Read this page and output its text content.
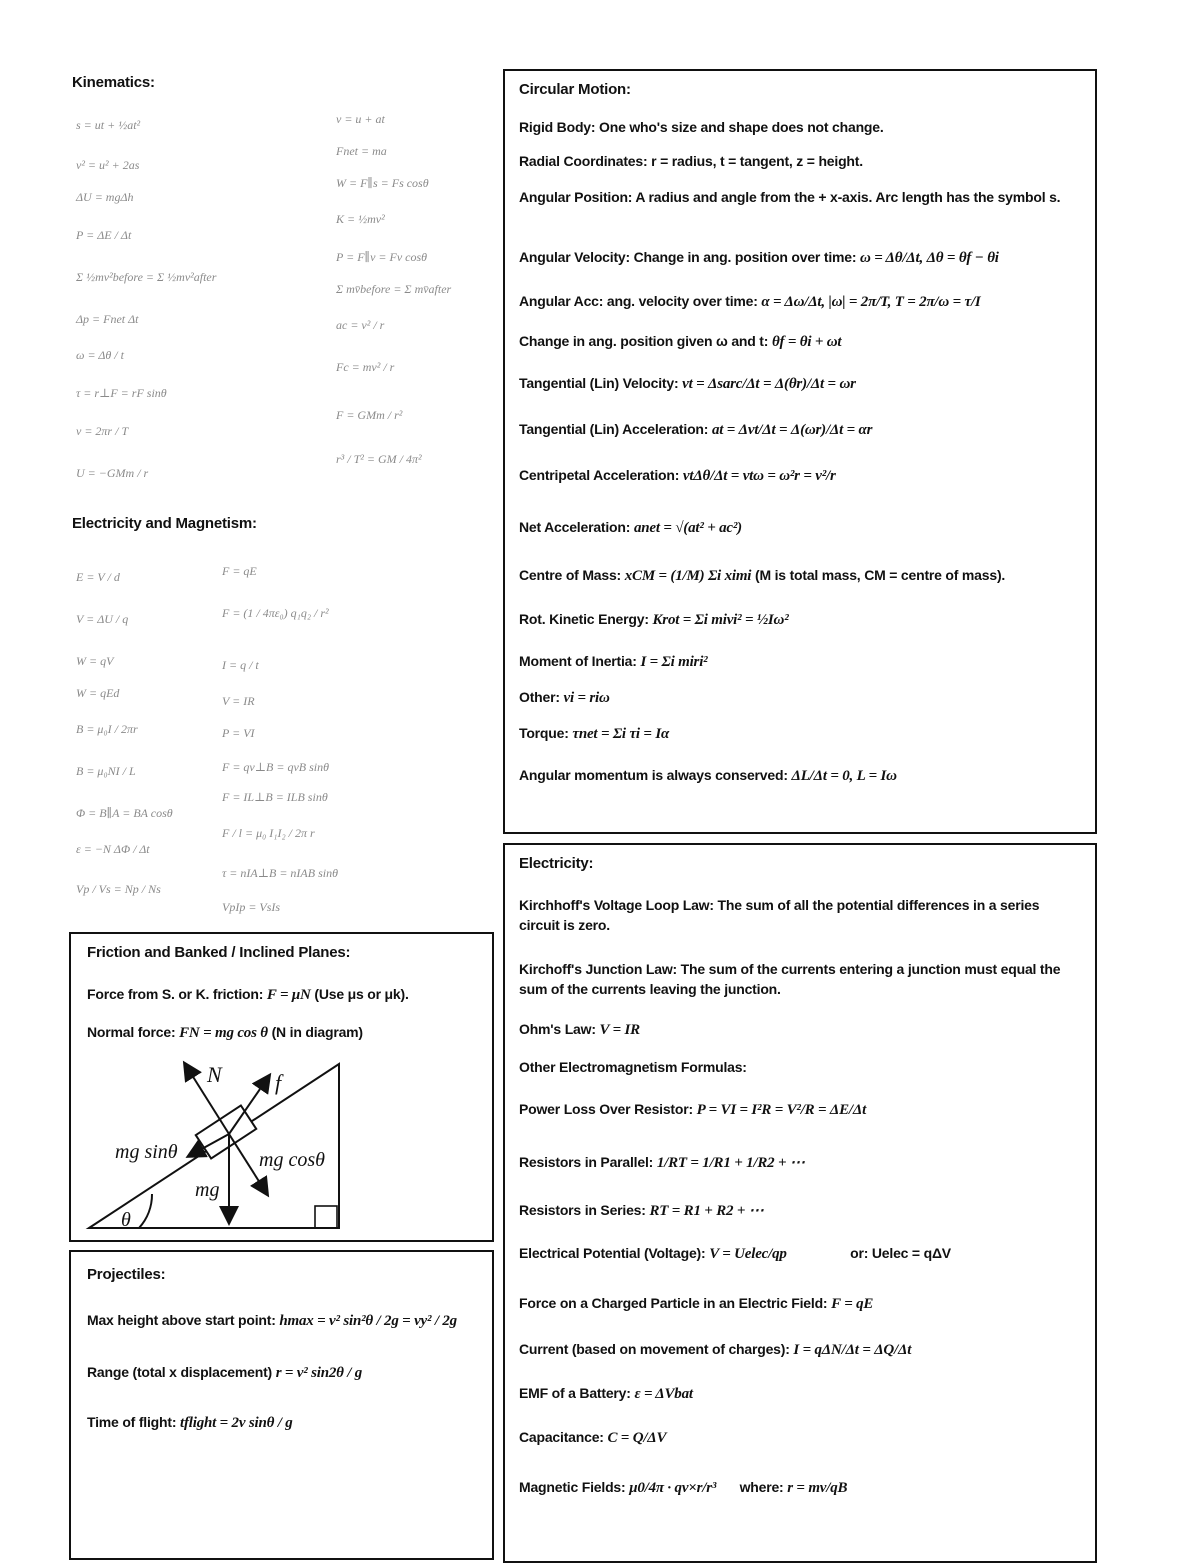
Kinematics:
s = ut + ½at²
v² = u² + 2as
ΔU = mgΔh
P = ΔE / Δt
Σ ½mv²before = Σ ½mv²after
Δp = Fnet Δt
ω = Δθ / t
τ = r⊥F = rF sinθ
v = 2πr / T
U = −GMm / r
v = u + at
Fnet = ma
W = F∥s = Fs cosθ
K = ½mv²
P = F∥v = Fv cosθ
Σ mv̄before = Σ mv̄after
ac = v² / r
Fc = mv² / r
F = GMm / r²
r³ / T² = GM / 4π²
Electricity and Magnetism:
E = V / d
V = ΔU / q
W = qV
W = qEd
B = μ₀I / 2πr
B = μ₀NI / L
Φ = B∥A = BA cosθ
ε = −N ΔΦ / Δt
Vp / Vs = Np / Ns
F = qE
F = (1 / 4πε₀) q₁q₂ / r²
I = q / t
V = IR
P = VI
F = qv⊥B = qvB sinθ
F = IL⊥B = ILB sinθ
F / l = μ₀ I₁I₂ / 2π r
τ = nIA⊥B = nIAB sinθ
VpIp = VsIs
Friction and Banked / Inclined Planes:
Force from S. or K. friction: F = μN (Use μs or μk).
Normal force: FN = mg cos θ (N in diagram)
N f
mg sinθ	mg cosθ
mg
θ
Projectiles:
Max height above start point: hmax = v² sin²θ / 2g = vy² / 2g
Range (total x displacement) r = v² sin2θ / g
Time of flight: tflight = 2v sinθ / g
Circular Motion:
Rigid Body: One who's size and shape does not change.
Radial Coordinates: r = radius, t = tangent, z = height.
Angular Position: A radius and angle from the + x-axis. Arc length has the symbol s.
Angular Velocity: Change in ang. position over time: ω = Δθ/Δt, Δθ = θf − θi
Angular Acc: ang. velocity over time: α = Δω/Δt, |ω| = 2π/T, T = 2π/ω = τ/I
Change in ang. position given ω and t: θf = θi + ωt
Tangential (Lin) Velocity: vt = Δsarc/Δt = Δ(θr)/Δt = ωr
Tangential (Lin) Acceleration: at = Δvt/Δt = Δ(ωr)/Δt = αr
Centripetal Acceleration: vtΔθ/Δt = vtω = ω²r = v²/r
Net Acceleration: anet = √(at² + ac²)
Centre of Mass: xCM = (1/M) Σi ximi (M is total mass, CM = centre of mass).
Rot. Kinetic Energy: Krot = Σi mivi² = ½Iω²
Moment of Inertia: I = Σi miri²
Other: vi = riω
Torque: τnet = Σi τi = Iα
Angular momentum is always conserved: ΔL/Δt = 0, L = Iω
Electricity:
Kirchhoff's Voltage Loop Law: The sum of all the potential differences in a series circuit is zero.
Kirchoff's Junction Law: The sum of the currents entering a junction must equal the sum of the currents leaving the junction.
Ohm's Law: V = IR
Other Electromagnetism Formulas:
Power Loss Over Resistor: P = VI = I²R = V²/R = ΔE/Δt
Resistors in Parallel: 1/RT = 1/R1 + 1/R2 + ⋯
Resistors in Series: RT = R1 + R2 + ⋯
Electrical Potential (Voltage): V = Uelec/qp	or: Uelec = qΔV
Force on a Charged Particle in an Electric Field: F = qE
Current (based on movement of charges): I = qΔN/Δt = ΔQ/Δt
EMF of a Battery: ε = ΔVbat
Capacitance: C = Q/ΔV
Magnetic Fields: μ0/4π · qv×r/r³ where: r = mv/qB
